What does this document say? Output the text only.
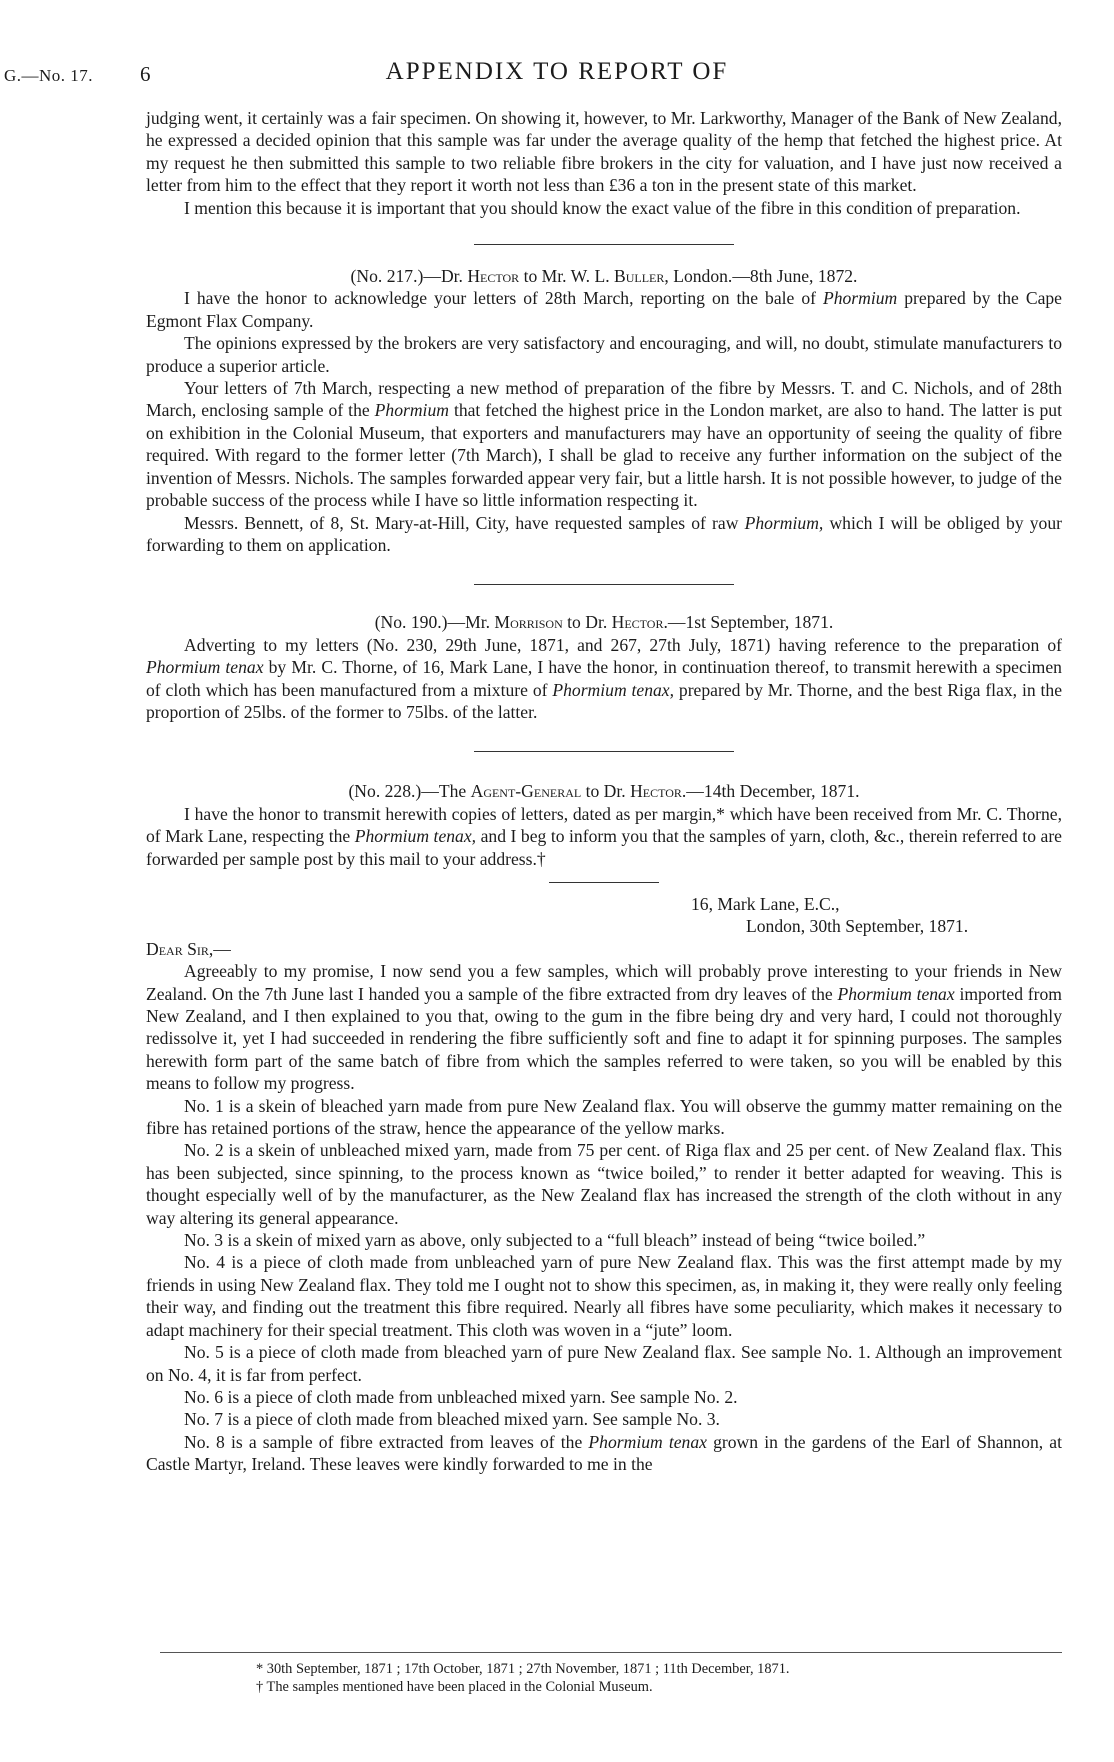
G.—No. 17. 6	APPENDIX TO REPORT OF

judging went, it certainly was a fair specimen. On showing it, however, to Mr. Larkworthy, Manager of the Bank of New Zealand, he expressed a decided opinion that this sample was far under the average quality of the hemp that fetched the highest price. At my request he then submitted this sample to two reliable fibre brokers in the city for valuation, and I have just now received a letter from him to the effect that they report it worth not less than £36 a ton in the present state of this market.

I mention this because it is important that you should know the exact value of the fibre in this condition of preparation.

(No. 217.)—Dr. Hector to Mr. W. L. Buller, London.—8th June, 1872.

I have the honor to acknowledge your letters of 28th March, reporting on the bale of Phormium prepared by the Cape Egmont Flax Company.

The opinions expressed by the brokers are very satisfactory and encouraging, and will, no doubt, stimulate manufacturers to produce a superior article.

Your letters of 7th March, respecting a new method of preparation of the fibre by Messrs. T. and C. Nichols, and of 28th March, enclosing sample of the Phormium that fetched the highest price in the London market, are also to hand. The latter is put on exhibition in the Colonial Museum, that exporters and manufacturers may have an opportunity of seeing the quality of fibre required. With regard to the former letter (7th March), I shall be glad to receive any further information on the subject of the invention of Messrs. Nichols. The samples forwarded appear very fair, but a little harsh. It is not possible however, to judge of the probable success of the process while I have so little information respecting it.

Messrs. Bennett, of 8, St. Mary-at-Hill, City, have requested samples of raw Phormium, which I will be obliged by your forwarding to them on application.

(No. 190.)—Mr. Morrison to Dr. Hector.—1st September, 1871.

Adverting to my letters (No. 230, 29th June, 1871, and 267, 27th July, 1871) having reference to the preparation of Phormium tenax by Mr. C. Thorne, of 16, Mark Lane, I have the honor, in continuation thereof, to transmit herewith a specimen of cloth which has been manufactured from a mixture of Phormium tenax, prepared by Mr. Thorne, and the best Riga flax, in the proportion of 25lbs. of the former to 75lbs. of the latter.

(No. 228.)—The Agent-General to Dr. Hector.—14th December, 1871.

I have the honor to transmit herewith copies of letters, dated as per margin,* which have been received from Mr. C. Thorne, of Mark Lane, respecting the Phormium tenax, and I beg to inform you that the samples of yarn, cloth, &c., therein referred to are forwarded per sample post by this mail to your address.†

16, Mark Lane, E.C.,

London, 30th September, 1871.

Dear Sir,—

Agreeably to my promise, I now send you a few samples, which will probably prove interesting to your friends in New Zealand. On the 7th June last I handed you a sample of the fibre extracted from dry leaves of the Phormium tenax imported from New Zealand, and I then explained to you that, owing to the gum in the fibre being dry and very hard, I could not thoroughly redissolve it, yet I had succeeded in rendering the fibre sufficiently soft and fine to adapt it for spinning purposes. The samples herewith form part of the same batch of fibre from which the samples referred to were taken, so you will be enabled by this means to follow my progress.

No. 1 is a skein of bleached yarn made from pure New Zealand flax. You will observe the gummy matter remaining on the fibre has retained portions of the straw, hence the appearance of the yellow marks.

No. 2 is a skein of unbleached mixed yarn, made from 75 per cent. of Riga flax and 25 per cent. of New Zealand flax. This has been subjected, since spinning, to the process known as “twice boiled,” to render it better adapted for weaving. This is thought especially well of by the manufacturer, as the New Zealand flax has increased the strength of the cloth without in any way altering its general appearance.

No. 3 is a skein of mixed yarn as above, only subjected to a “full bleach” instead of being “twice boiled.”

No. 4 is a piece of cloth made from unbleached yarn of pure New Zealand flax. This was the first attempt made by my friends in using New Zealand flax. They told me I ought not to show this specimen, as, in making it, they were really only feeling their way, and finding out the treatment this fibre required. Nearly all fibres have some peculiarity, which makes it necessary to adapt machinery for their special treatment. This cloth was woven in a “jute” loom.

No. 5 is a piece of cloth made from bleached yarn of pure New Zealand flax. See sample No. 1. Although an improvement on No. 4, it is far from perfect.

No. 6 is a piece of cloth made from unbleached mixed yarn. See sample No. 2.

No. 7 is a piece of cloth made from bleached mixed yarn. See sample No. 3.

No. 8 is a sample of fibre extracted from leaves of the Phormium tenax grown in the gardens of the Earl of Shannon, at Castle Martyr, Ireland. These leaves were kindly forwarded to me in the

* 30th September, 1871 ; 17th October, 1871 ; 27th November, 1871 ; 11th December, 1871.

† The samples mentioned have been placed in the Colonial Museum.
